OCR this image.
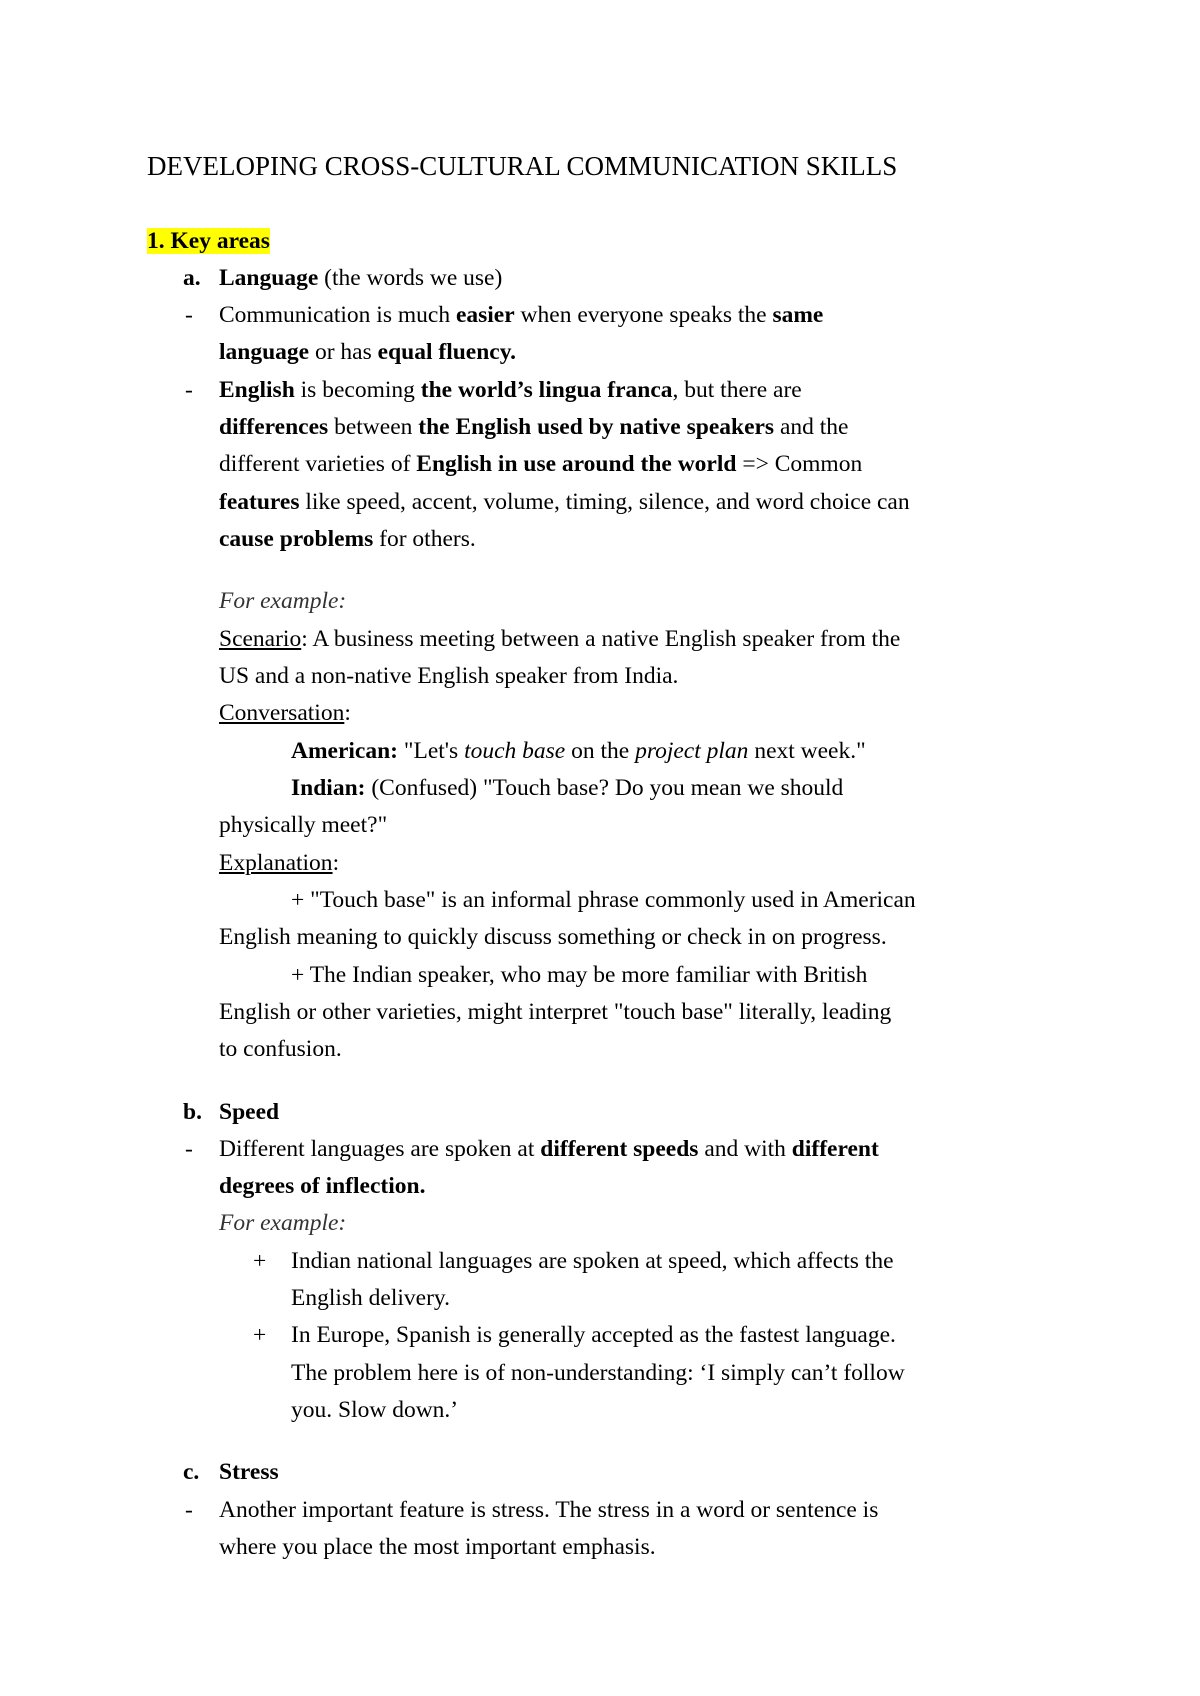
DEVELOPING CROSS-CULTURAL COMMUNICATION SKILLS
1. Key areas
a. Language (the words we use)
- Communication is much easier when everyone speaks the same
language or has equal fluency.
- English is becoming the world’s lingua franca, but there are
differences between the English used by native speakers and the
different varieties of English in use around the world => Common
features like speed, accent, volume, timing, silence, and word choice can
cause problems for others.
For example:
Scenario: A business meeting between a native English speaker from the
US and a non-native English speaker from India.
Conversation:
American: "Let's touch base on the project plan next week."
Indian: (Confused) "Touch base? Do you mean we should
physically meet?"
Explanation:
+ "Touch base" is an informal phrase commonly used in American
English meaning to quickly discuss something or check in on progress.
+ The Indian speaker, who may be more familiar with British
English or other varieties, might interpret "touch base" literally, leading
to confusion.
b. Speed
- Different languages are spoken at different speeds and with different
degrees of inflection.
For example:
+ Indian national languages are spoken at speed, which affects the
English delivery.
+ In Europe, Spanish is generally accepted as the fastest language.
The problem here is of non-understanding: ‘I simply can’t follow
you. Slow down.’
c. Stress
- Another important feature is stress. The stress in a word or sentence is
where you place the most important emphasis.
